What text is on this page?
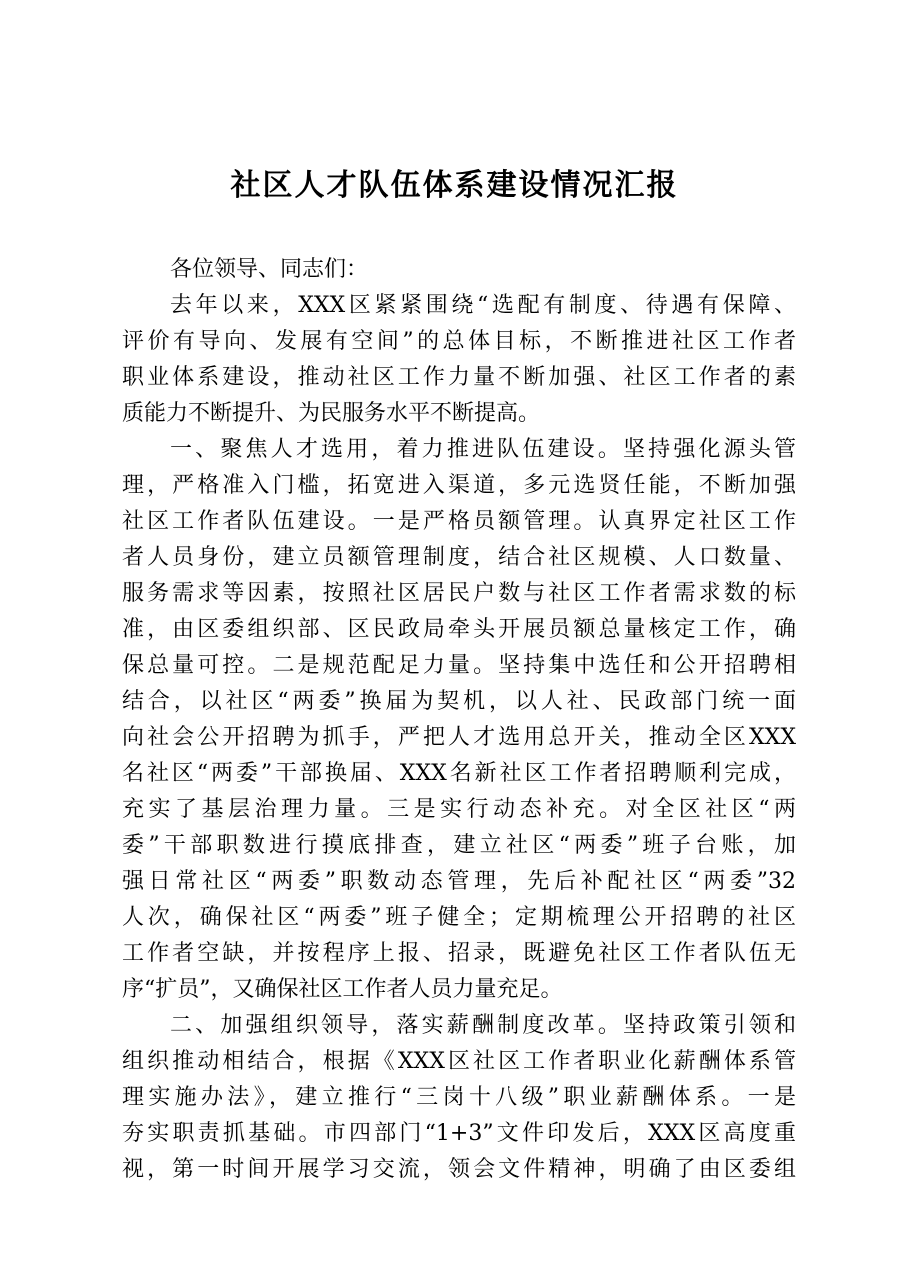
社区人才队伍体系建设情况汇报
各位领导、同志们：
去年以来，XXX区紧紧围绕“选配有制度、待遇有保障、
评价有导向、发展有空间”的总体目标，不断推进社区工作者
职业体系建设，推动社区工作力量不断加强、社区工作者的素
质能力不断提升、为民服务水平不断提高。
一、聚焦人才选用，着力推进队伍建设。坚持强化源头管
理，严格准入门槛，拓宽进入渠道，多元选贤任能，不断加强
社区工作者队伍建设。一是严格员额管理。认真界定社区工作
者人员身份，建立员额管理制度，结合社区规模、人口数量、
服务需求等因素，按照社区居民户数与社区工作者需求数的标
准，由区委组织部、区民政局牵头开展员额总量核定工作，确
保总量可控。二是规范配足力量。坚持集中选任和公开招聘相
结合，以社区“两委”换届为契机，以人社、民政部门统一面
向社会公开招聘为抓手，严把人才选用总开关，推动全区XXX
名社区“两委”干部换届、XXX名新社区工作者招聘顺利完成，
充实了基层治理力量。三是实行动态补充。对全区社区“两
委”干部职数进行摸底排查，建立社区“两委”班子台账，加
强日常社区“两委”职数动态管理，先后补配社区“两委”32
人次，确保社区“两委”班子健全；定期梳理公开招聘的社区
工作者空缺，并按程序上报、招录，既避免社区工作者队伍无
序“扩员”，又确保社区工作者人员力量充足。
二、加强组织领导，落实薪酬制度改革。坚持政策引领和
组织推动相结合，根据《XXX区社区工作者职业化薪酬体系管
理实施办法》，建立推行“三岗十八级”职业薪酬体系。一是
夯实职责抓基础。市四部门“1+3”文件印发后，XXX区高度重
视，第一时间开展学习交流，领会文件精神，明确了由区委组
